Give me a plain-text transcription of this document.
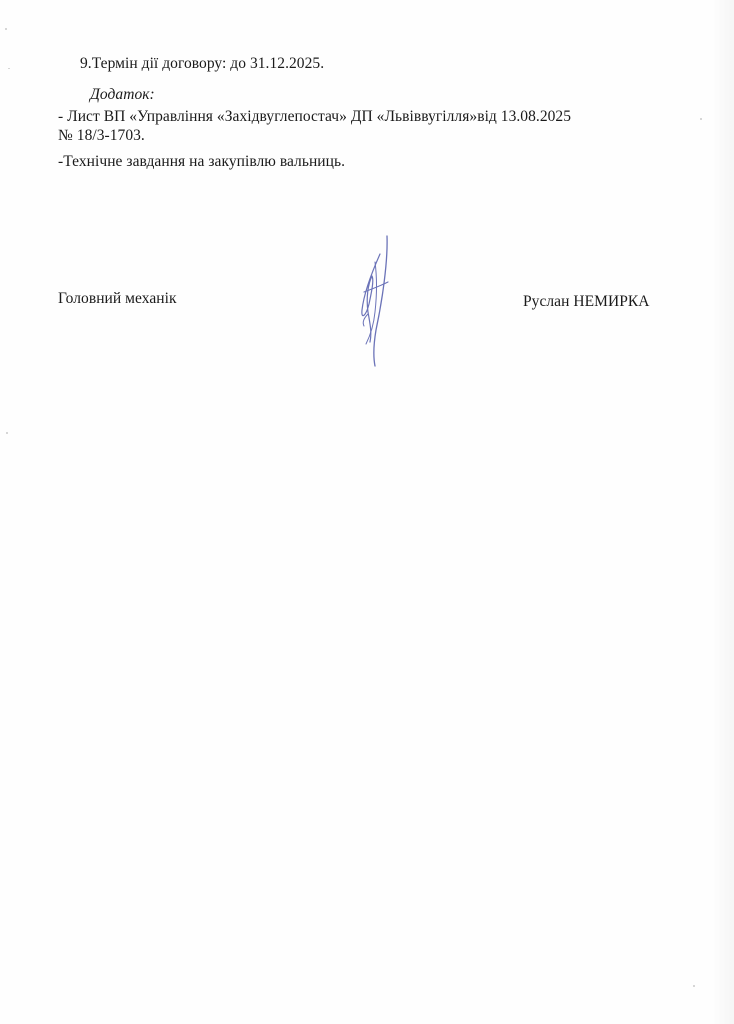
9.Термін дії договору: до 31.12.2025.
Додаток:
- Лист ВП «Управління «Західвуглепостач» ДП «Львіввугілля»від 13.08.2025
№ 18/3-1703.
-Технічне завдання на закупівлю вальниць.
Головний механік	Руслан НЕМИРКА
